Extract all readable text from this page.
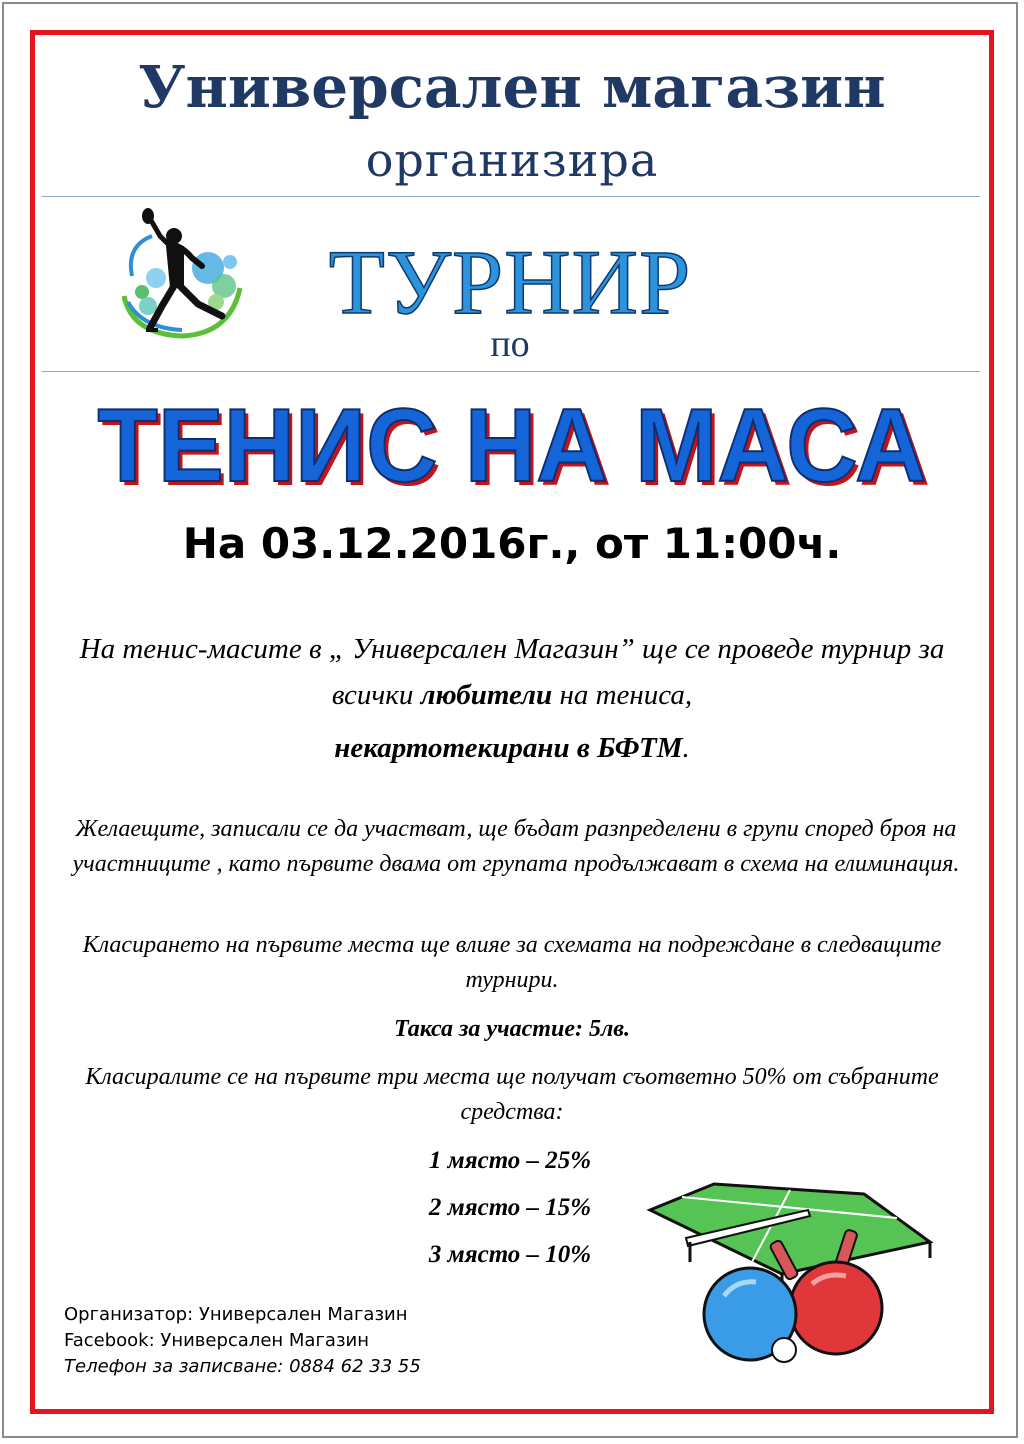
Универсален магазин
организира
ТУРНИР
по
ТЕНИС НА МАСА
На 03.12.2016г., от 11:00ч.
На тенис-масите в „ Универсален Магазин” ще се проведе турнир за всички любители на тениса,
некартотекирани в БФТМ.
Желаещите, записали се да участват, ще бъдат разпределени в групи според броя на участниците , като първите двама от групата продължават в схема на елиминация.
Класирането на първите места ще влияе за схемата на подреждане в следващите турнири.
Такса за участие: 5лв.
Класиралите се на първите три места ще получат съответно 50% от събраните средства:
1 място – 25%
2 място – 15%
3 място – 10%
Организатор: Универсален Магазин
Facebook: Универсален Магазин
Телефон за записване: 0884 62 33 55
